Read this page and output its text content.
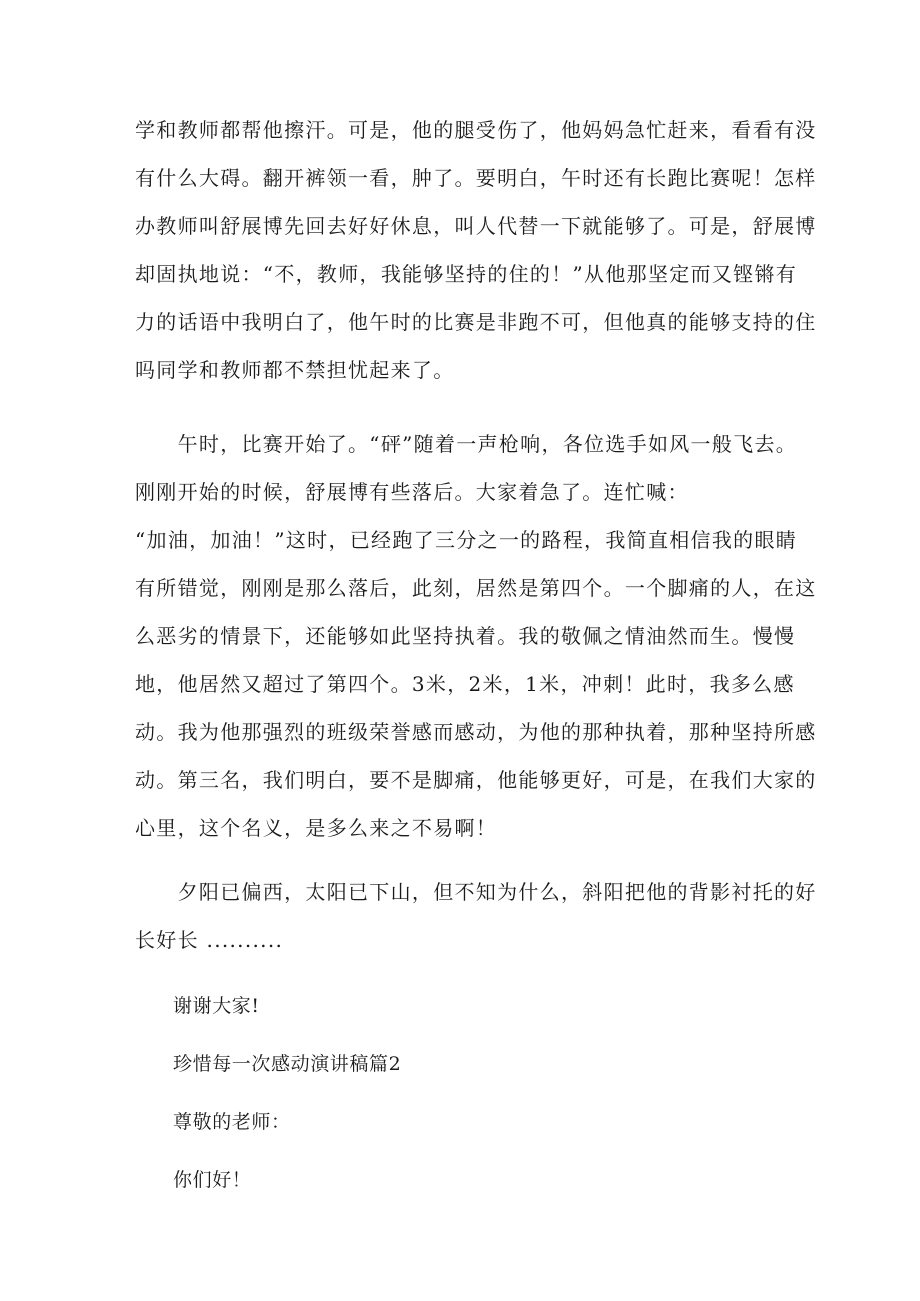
学和教师都帮他擦汗。可是，他的腿受伤了，他妈妈急忙赶来，看看有没
有什么大碍。翻开裤领一看，肿了。要明白，午时还有长跑比赛呢！怎样
办教师叫舒展博先回去好好休息，叫人代替一下就能够了。可是，舒展博
却固执地说：“不，教师，我能够坚持的住的！”从他那坚定而又铿锵有
力的话语中我明白了，他午时的比赛是非跑不可，但他真的能够支持的住
吗同学和教师都不禁担忧起来了。
　　午时，比赛开始了。“砰”随着一声枪响，各位选手如风一般飞去。
刚刚开始的时候，舒展博有些落后。大家着急了。连忙喊：
“加油，加油！”这时，已经跑了三分之一的路程，我简直相信我的眼睛
有所错觉，刚刚是那么落后，此刻，居然是第四个。一个脚痛的人，在这
么恶劣的情景下，还能够如此坚持执着。我的敬佩之情油然而生。慢慢
地，他居然又超过了第四个。3米，2米，1米，冲刺！此时，我多么感
动。我为他那强烈的班级荣誉感而感动，为他的那种执着，那种坚持所感
动。第三名，我们明白，要不是脚痛，他能够更好，可是，在我们大家的
心里，这个名义，是多么来之不易啊！
　　夕阳已偏西，太阳已下山，但不知为什么，斜阳把他的背影衬托的好
长好长 ..........
谢谢大家!
珍惜每一次感动演讲稿篇2
尊敬的老师：
你们好！
